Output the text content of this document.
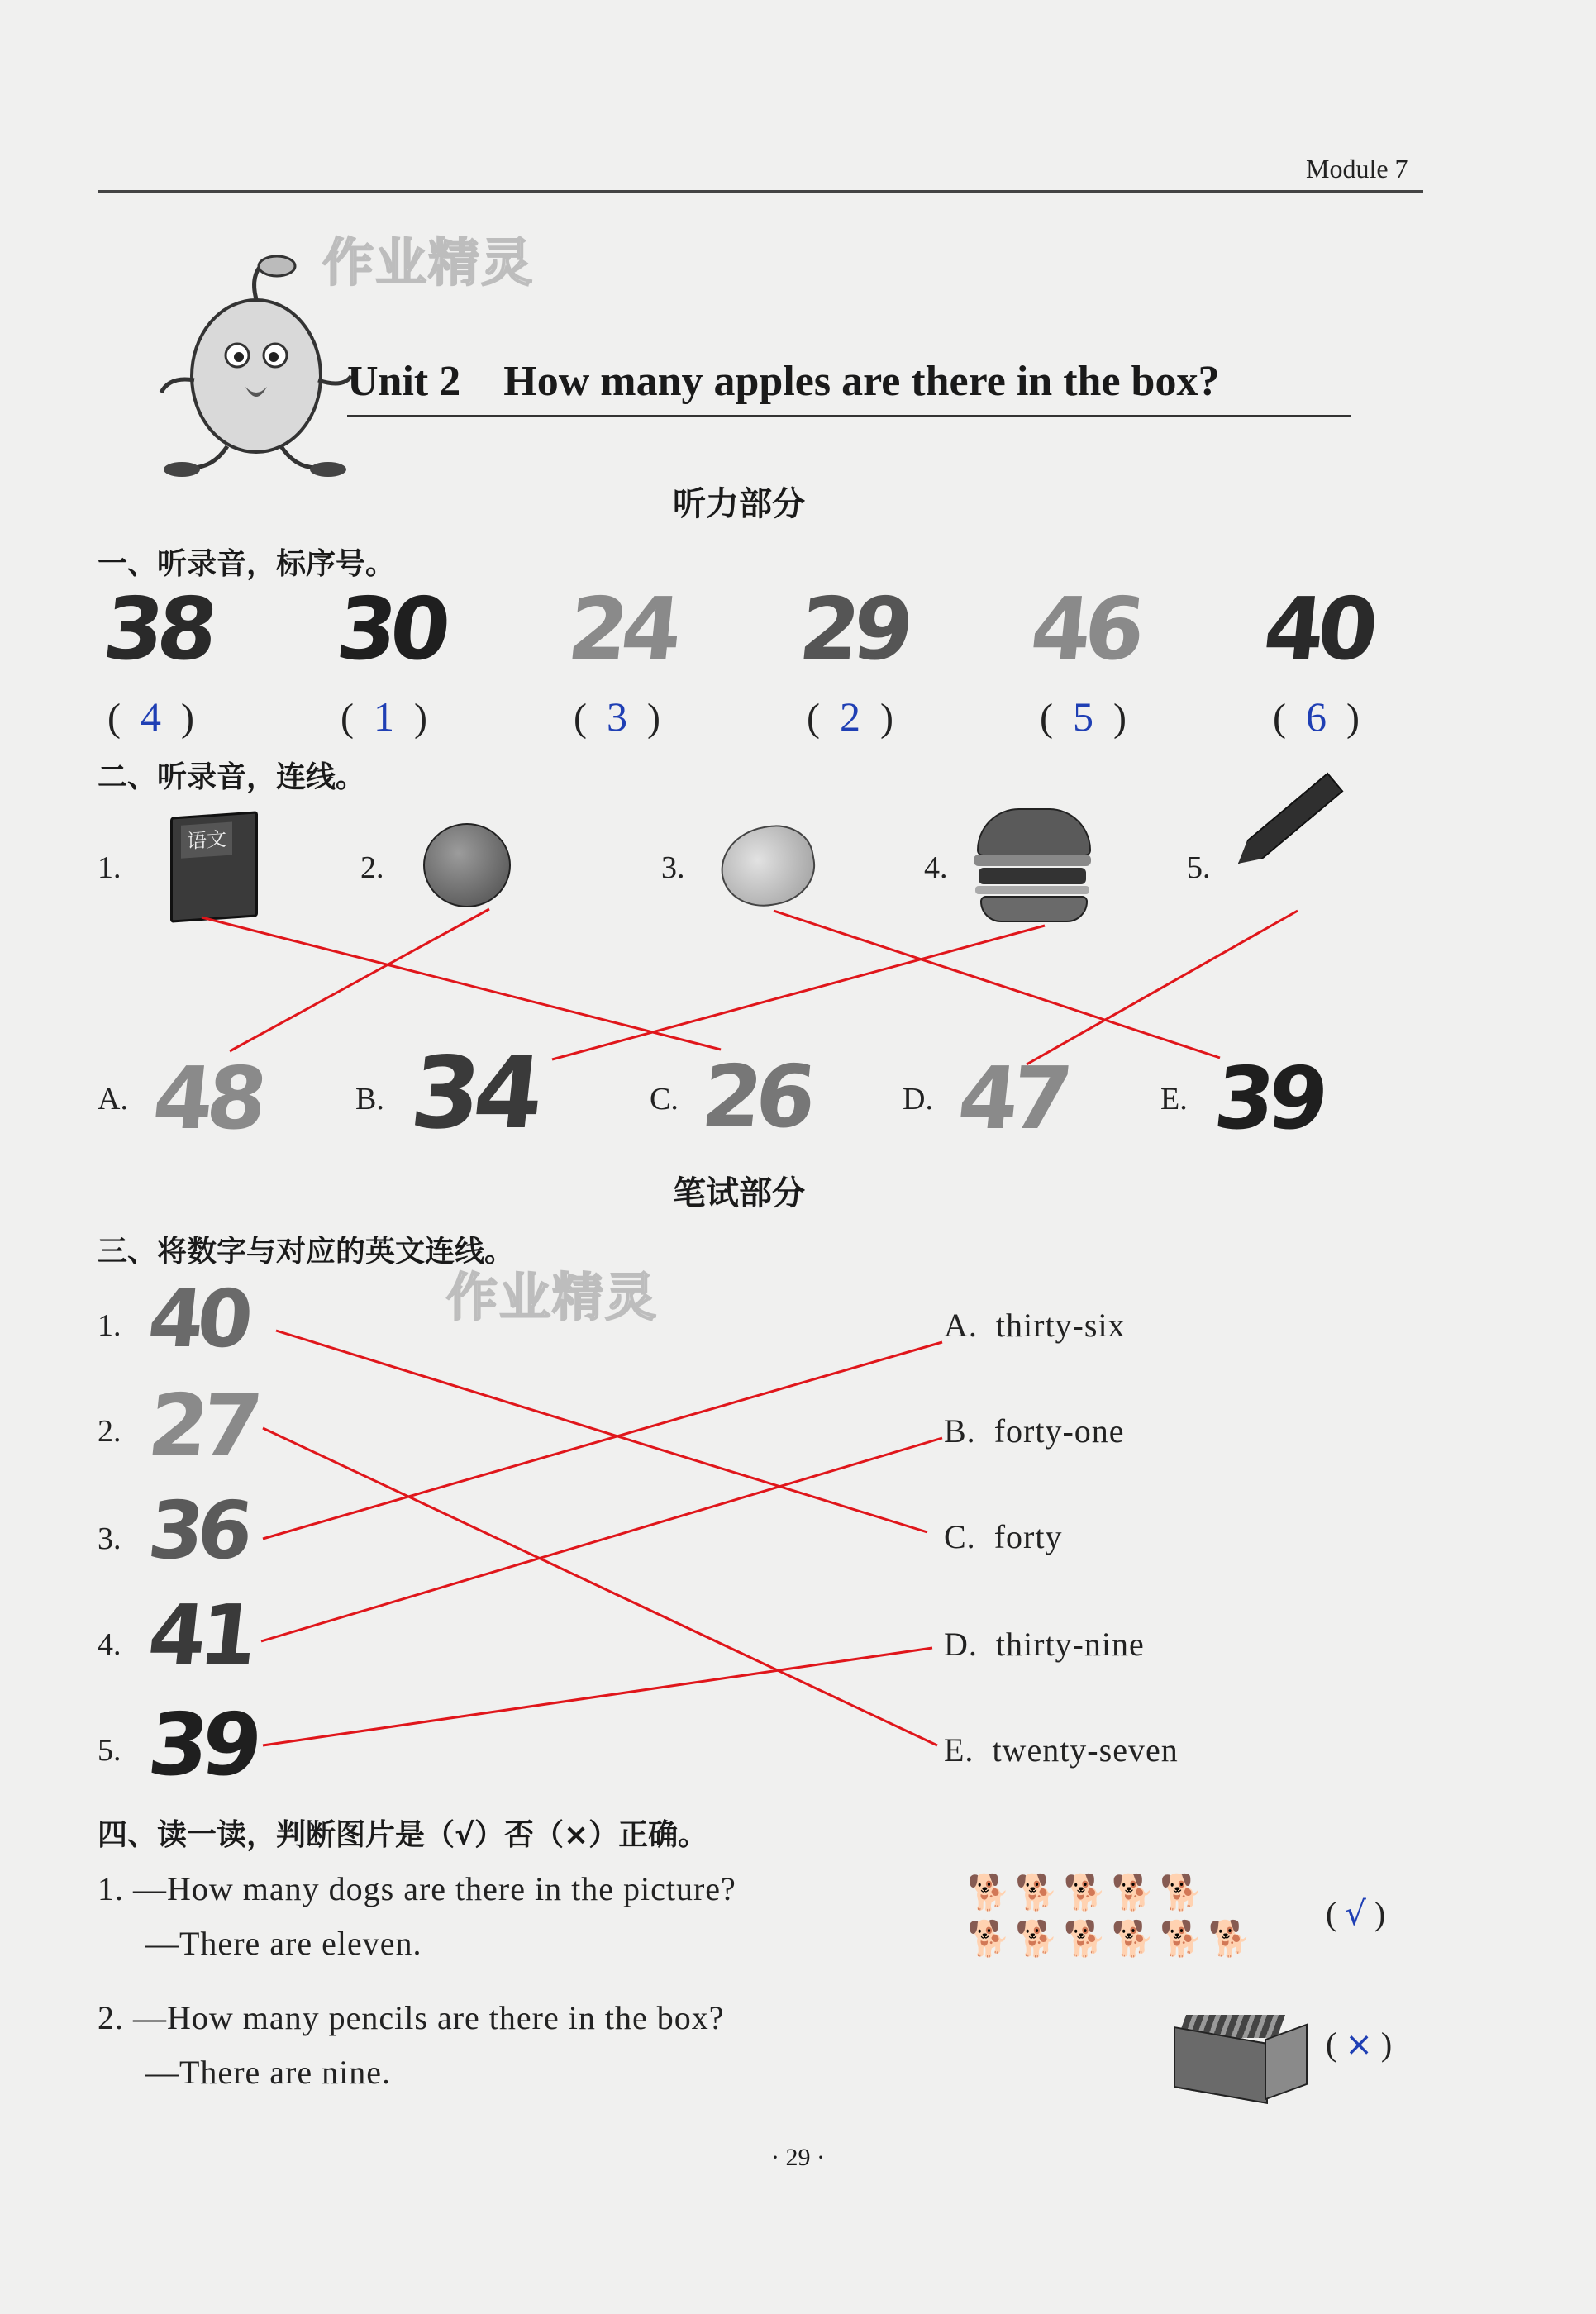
Module 7
作业精灵
作业精灵
Unit 2 How many apples are there in the box?
听力部分
一、听录音，标序号。
38 30 24 29 46 40
(  4  )	(  1  )	(  3  )	(  2  )	(  5  )	(  6  )
二、听录音，连线。
1.	2.	3.	4.	5.
语文
A.	B.	C.	D.	E.
48 34 26 47 39
笔试部分
三、将数字与对应的英文连线。
1.
2.
3.
4.
5.
40
27
36
41
39
A. thirty-six
B. forty-one
C. forty
D. thirty-nine
E. twenty-seven
四、读一读，判断图片是（√）否（×）正确。
1. —How many dogs are there in the picture?
—There are eleven.
2. —How many pencils are there in the box?
—There are nine.
🐕🐕🐕🐕🐕
🐕🐕🐕🐕🐕🐕
( √ )
( × )
· 29 ·
